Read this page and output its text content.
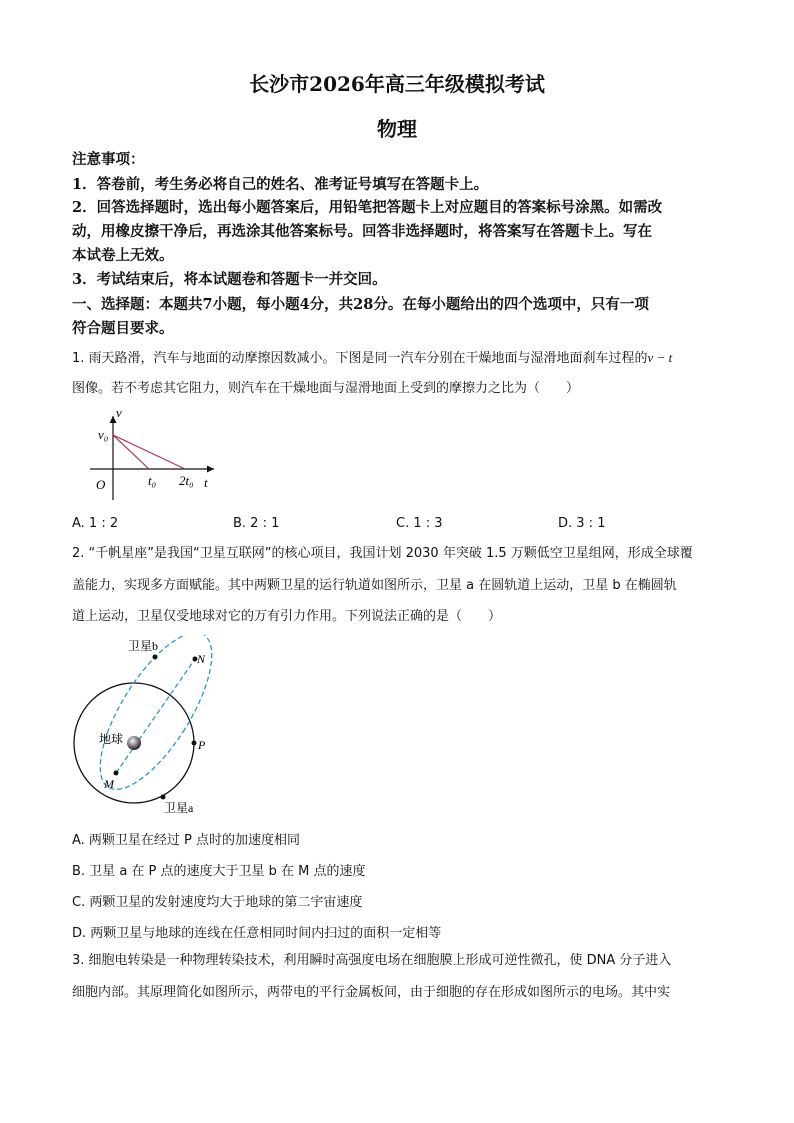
长沙市2026年高三年级模拟考试
物理
注意事项：
1．答卷前，考生务必将自己的姓名、准考证号填写在答题卡上。
2．回答选择题时，选出每小题答案后，用铅笔把答题卡上对应题目的答案标号涂黑。如需改
动，用橡皮擦干净后，再选涂其他答案标号。回答非选择题时，将答案写在答题卡上。写在
本试卷上无效。
3．考试结束后，将本试题卷和答题卡一并交回。
一、选择题：本题共7小题，每小题4分，共28分。在每小题给出的四个选项中，只有一项
符合题目要求。
1. 雨天路滑，汽车与地面的动摩擦因数减小。下图是同一汽车分别在干燥地面与湿滑地面刹车过程的v − t
图像。若不考虑其它阻力，则汽车在干燥地面与湿滑地面上受到的摩擦力之比为（　　）
v
v₀
O	t₀ 2t₀ t
A. 1 : 2	B. 2 : 1	C. 1 : 3	D. 3 : 1
2. “千帆星座”是我国“卫星互联网”的核心项目，我国计划 2030 年突破 1.5 万颗低空卫星组网，形成全球覆
盖能力，实现多方面赋能。其中两颗卫星的运行轨道如图所示，卫星 a 在圆轨道上运动，卫星 b 在椭圆轨
道上运动，卫星仅受地球对它的万有引力作用。下列说法正确的是（　　）
卫星b
N
地球	P
M
卫星a
A. 两颗卫星在经过 P 点时的加速度相同
B. 卫星 a 在 P 点的速度大于卫星 b 在 M 点的速度
C. 两颗卫星的发射速度均大于地球的第二宇宙速度
D. 两颗卫星与地球的连线在任意相同时间内扫过的面积一定相等
3. 细胞电转染是一种物理转染技术，利用瞬时高强度电场在细胞膜上形成可逆性微孔，使 DNA 分子进入
细胞内部。其原理简化如图所示，两带电的平行金属板间，由于细胞的存在形成如图所示的电场。其中实
